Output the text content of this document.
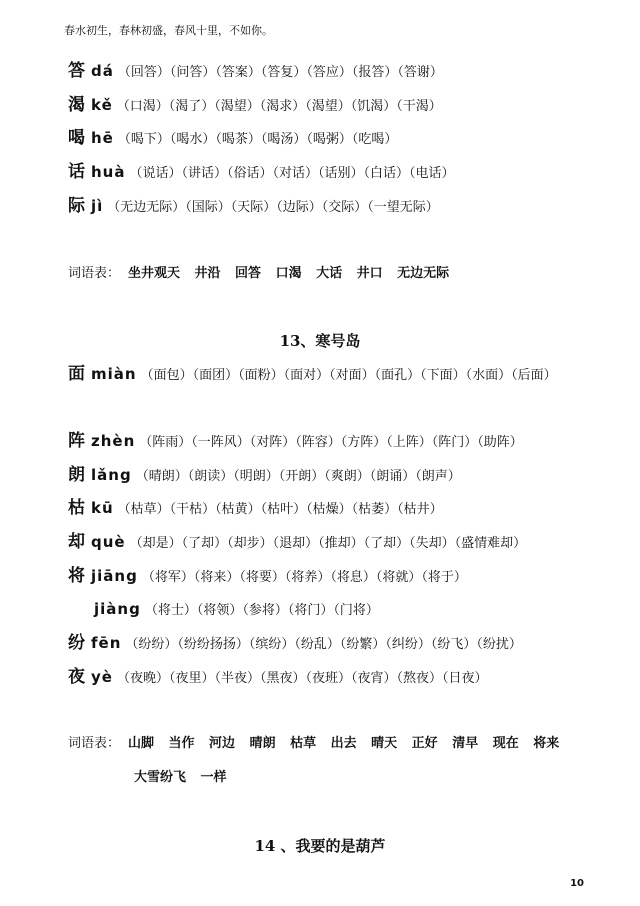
春水初生，春林初盛，春风十里，不如你。
答 dá （回答）（问答）（答案）（答复）（答应）（报答）（答谢）
渴 kě （口渴）（渴了）（渴望）（渴求）（渴望）（饥渴）（干渴）
喝 hē （喝下）（喝水）（喝茶）（喝汤）（喝粥）（吃喝）
话 huà （说话）（讲话）（俗话）（对话）（话别）（白话）（电话）
际 jì （无边无际）（国际）（天际）（边际）（交际）（一望无际）
词语表： 坐井观天 井沿 回答 口渴 大话 井口 无边无际
13、寒号岛
面 miàn （面包）（面团）（面粉）（面对）（对面）（面孔）（下面）（水面）（后面）
阵 zhèn （阵雨）（一阵风）（对阵）（阵容）（方阵）（上阵）（阵门）（助阵）
朗 lǎng （晴朗）（朗读）（明朗）（开朗）（爽朗）（朗诵）（朗声）
枯 kū （枯草）（干枯）（枯黄）（枯叶）（枯燥）（枯萎）（枯井）
却 què （却是）（了却）（却步）（退却）（推却）（了却）（失却）（盛情难却）
将 jiāng （将军）（将来）（将要）（将养）（将息）（将就）（将于）
jiàng （将士）（将领）（参将）（将门）（门将）
纷 fēn （纷纷）（纷纷扬扬）（缤纷）（纷乱）（纷繁）（纠纷）（纷飞）（纷扰）
夜 yè （夜晚）（夜里）（半夜）（黑夜）（夜班）（夜宵）（熬夜）（日夜）
词语表： 山脚 当作 河边 晴朗 枯草 出去 晴天 正好 清早 现在 将来
大雪纷飞 一样
14 、我要的是葫芦
10
